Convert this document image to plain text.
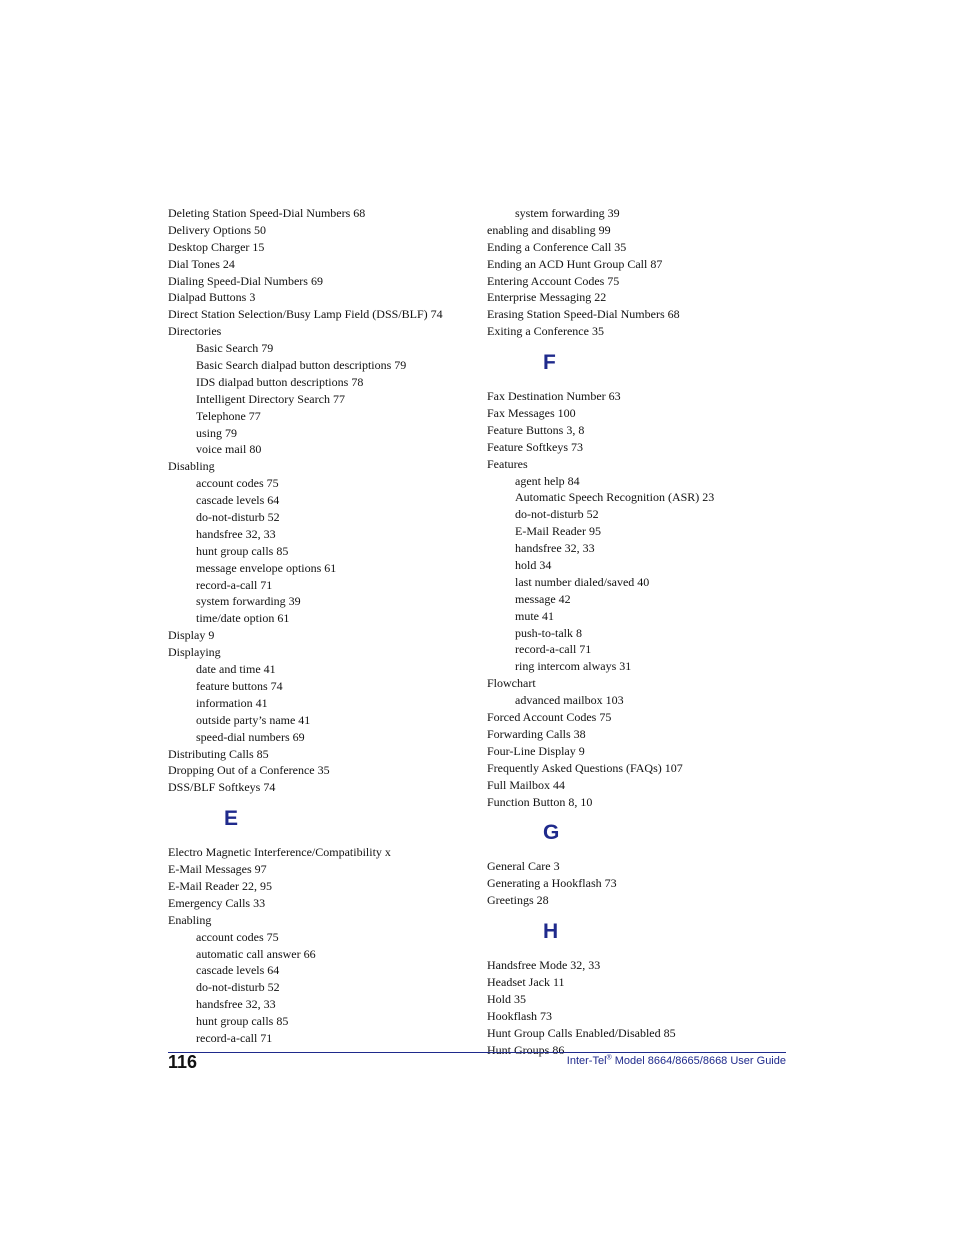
Deleting Station Speed-Dial Numbers 68
Delivery Options 50
Desktop Charger 15
Dial Tones 24
Dialing Speed-Dial Numbers 69
Dialpad Buttons 3
Direct Station Selection/Busy Lamp Field (DSS/BLF) 74
Directories
Basic Search 79
Basic Search dialpad button descriptions 79
IDS dialpad button descriptions 78
Intelligent Directory Search 77
Telephone 77
using 79
voice mail 80
Disabling
account codes 75
cascade levels 64
do-not-disturb 52
handsfree 32, 33
hunt group calls 85
message envelope options 61
record-a-call 71
system forwarding 39
time/date option 61
Display 9
Displaying
date and time 41
feature buttons 74
information 41
outside party’s name 41
speed-dial numbers 69
Distributing Calls 85
Dropping Out of a Conference 35
DSS/BLF Softkeys 74
E
Electro Magnetic Interference/Compatibility x
E-Mail Messages 97
E-Mail Reader 22, 95
Emergency Calls 33
Enabling
account codes 75
automatic call answer 66
cascade levels 64
do-not-disturb 52
handsfree 32, 33
hunt group calls 85
record-a-call 71
system forwarding 39
enabling and disabling 99
Ending a Conference Call 35
Ending an ACD Hunt Group Call 87
Entering Account Codes 75
Enterprise Messaging 22
Erasing Station Speed-Dial Numbers 68
Exiting a Conference 35
F
Fax Destination Number 63
Fax Messages 100
Feature Buttons 3, 8
Feature Softkeys 73
Features
agent help 84
Automatic Speech Recognition (ASR) 23
do-not-disturb 52
E-Mail Reader 95
handsfree 32, 33
hold 34
last number dialed/saved 40
message 42
mute 41
push-to-talk 8
record-a-call 71
ring intercom always 31
Flowchart
advanced mailbox 103
Forced Account Codes 75
Forwarding Calls 38
Four-Line Display 9
Frequently Asked Questions (FAQs) 107
Full Mailbox 44
Function Button 8, 10
G
General Care 3
Generating a Hookflash 73
Greetings 28
H
Handsfree Mode 32, 33
Headset Jack 11
Hold 35
Hookflash 73
Hunt Group Calls Enabled/Disabled 85
Hunt Groups 86
116	Inter-Tel® Model 8664/8665/8668 User Guide
